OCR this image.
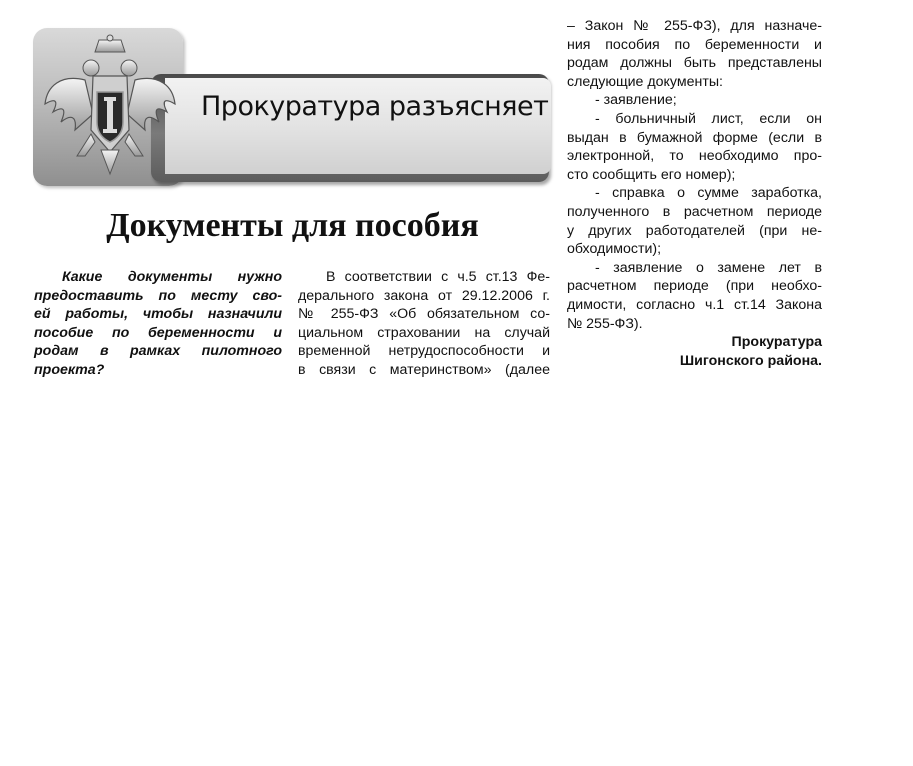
Прокуратура разъясняет
Документы для пособия
Какие документы нужно
предоставить по месту сво-
ей работы, чтобы назначили
пособие по беременности и
родам в рамках пилотного
проекта?
В соответствии с ч.5 ст.13 Фе-
дерального закона от 29.12.2006 г.
№ 255-ФЗ «Об обязательном со-
циальном страховании на случай
временной нетрудоспособности и
в связи с материнством» (далее
– Закон № 255-ФЗ), для назначе-
ния пособия по беременности и
родам должны быть представлены
следующие документы:
- заявление;
- больничный лист, если он
выдан в бумажной форме (если в
электронной, то необходимо про-
сто сообщить его номер);
- справка о сумме заработка,
полученного в расчетном периоде
у других работодателей (при не-
обходимости);
- заявление о замене лет в
расчетном периоде (при необхо-
димости, согласно ч.1 ст.14 Закона
№ 255-ФЗ).
Прокуратура
Шигонского района.
